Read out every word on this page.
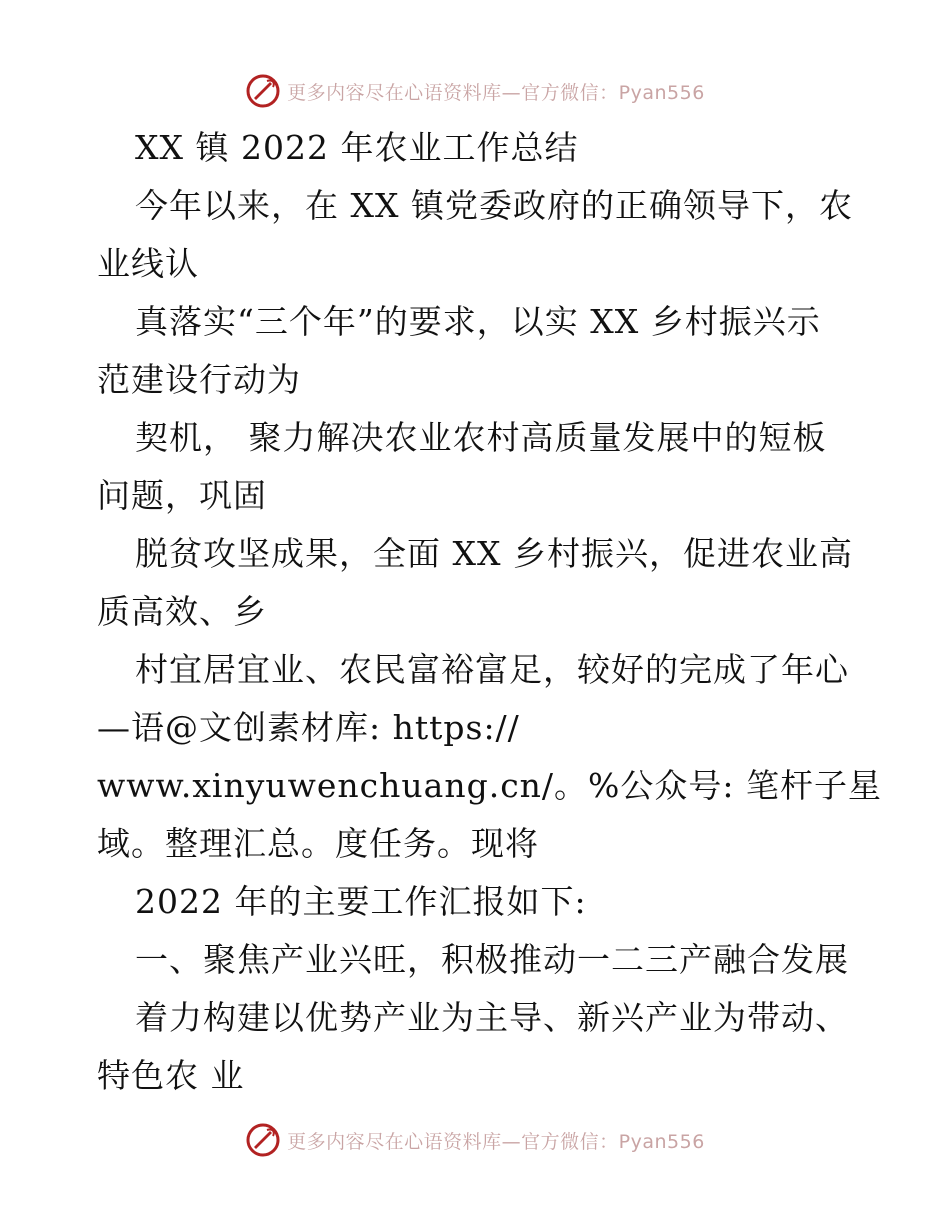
更多内容尽在心语资料库—官方微信：Pyan556
XX 镇 2022 年农业工作总结
今年以来，在 XX 镇党委政府的正确领导下，农
业线认
真落实“三个年”的要求，以实 XX 乡村振兴示
范建设行动为
契机， 聚力解决农业农村高质量发展中的短板
问题，巩固
脱贫攻坚成果，全面 XX 乡村振兴，促进农业高
质高效、乡
村宜居宜业、农民富裕富足，较好的完成了年心
—语@文创素材库: https://
www.xinyuwenchuang.cn/。%公众号: 笔杆子星
域。整理汇总。度任务。现将
2022 年的主要工作汇报如下:
一、聚焦产业兴旺，积极推动一二三产融合发展
着力构建以优势产业为主导、新兴产业为带动、
特色农 业
更多内容尽在心语资料库—官方微信：Pyan556
